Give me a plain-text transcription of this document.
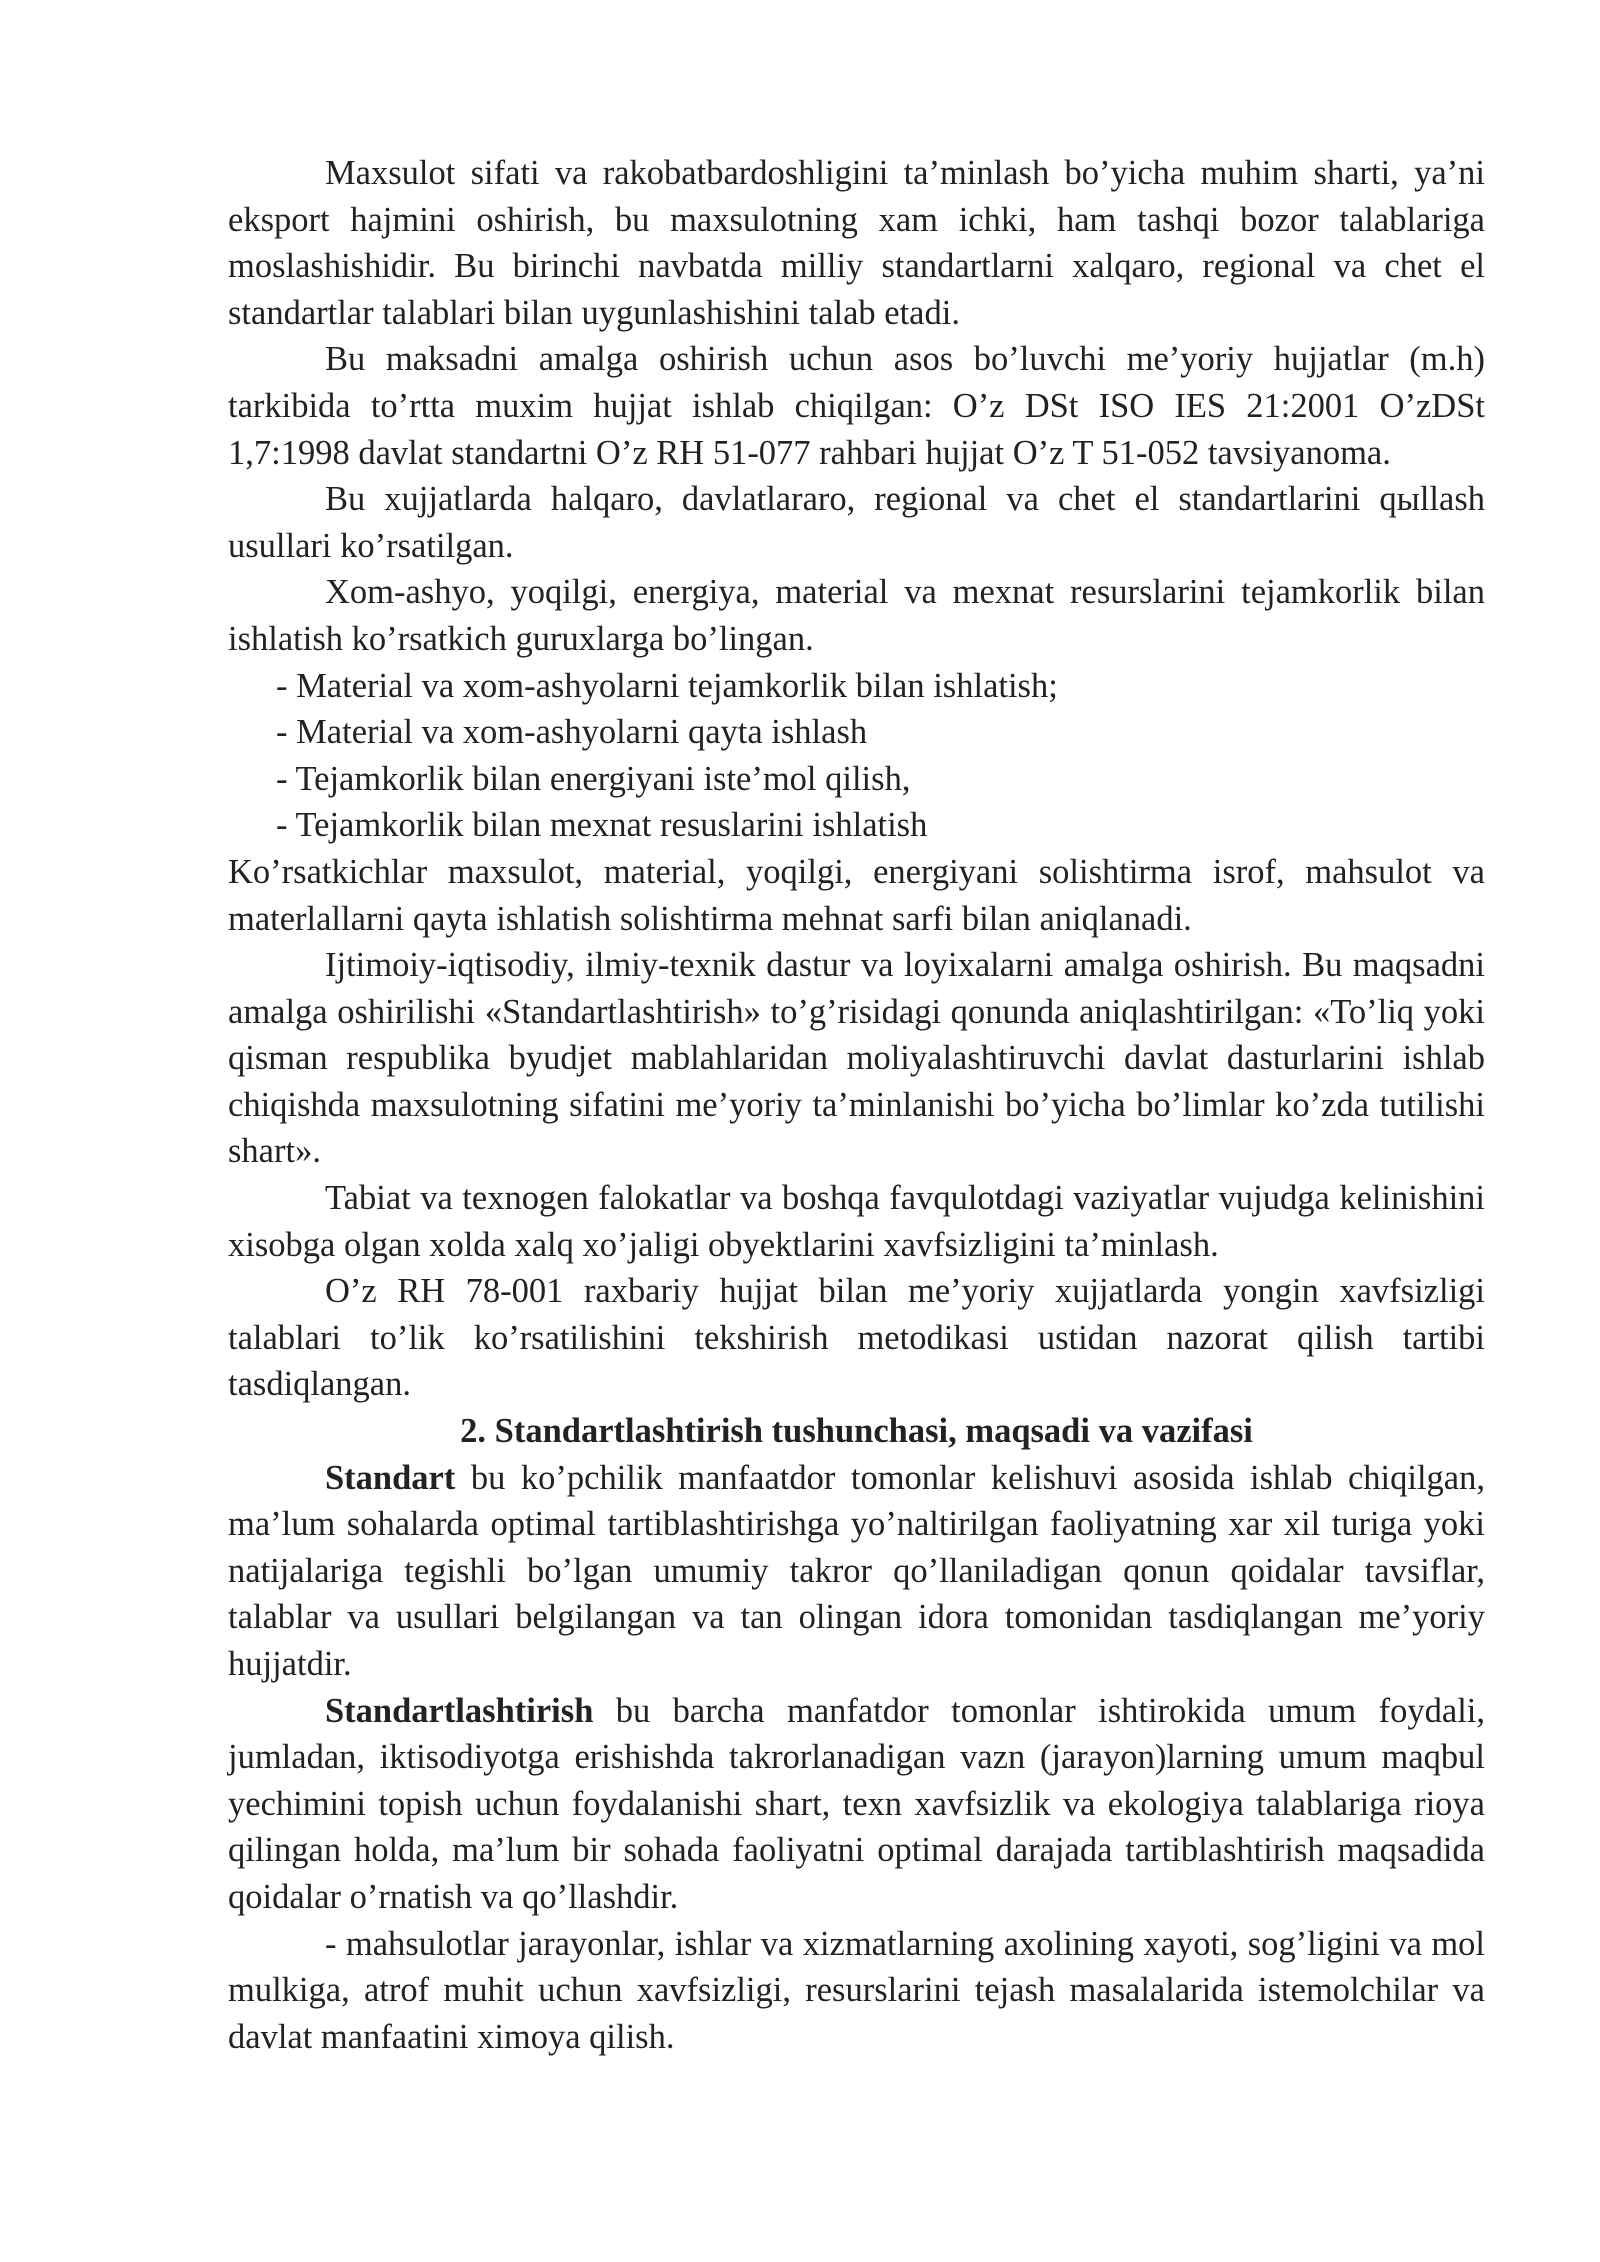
Maxsulot sifati va rakobatbardoshligini ta’minlash bo’yicha muhim sharti, ya’ni eksport hajmini oshirish, bu maxsulotning xam ichki, ham tashqi bozor talablariga moslashishidir. Bu birinchi navbatda milliy standartlarni xalqaro, regional va chet el standartlar talablari bilan uygunlashishini talab etadi.

Bu maksadni amalga oshirish uchun asos bo’luvchi me’yoriy hujjatlar (m.h) tarkibida to’rtta muxim hujjat ishlab chiqilgan: O’z DSt ISO IES 21:2001 O’zDSt 1,7:1998 davlat standartni O’z RH 51-077 rahbari hujjat O’z T 51-052 tavsiyanoma.

Bu xujjatlarda halqaro, davlatlararo, regional va chet el standartlarini qыllash usullari ko’rsatilgan.

Xom-ashyo, yoqilgi, energiya, material va mexnat resurslarini tejamkorlik bilan ishlatish ko’rsatkich guruxlarga bo’lingan.

- Material va xom-ashyolarni tejamkorlik bilan ishlatish;

- Material va xom-ashyolarni qayta ishlash

- Tejamkorlik bilan energiyani iste’mol qilish,

- Tejamkorlik bilan mexnat resuslarini ishlatish

Ko’rsatkichlar maxsulot, material, yoqilgi, energiyani solishtirma isrof, mahsulot va materlallarni qayta ishlatish solishtirma mehnat sarfi bilan aniqlanadi.

Ijtimoiy-iqtisodiy, ilmiy-texnik dastur va loyixalarni amalga oshirish. Bu maqsadni amalga oshirilishi «Standartlashtirish» to’g’risidagi qonunda aniqlashtirilgan: «To’liq yoki qisman respublika byudjet mablahlaridan moliyalashtiruvchi davlat dasturlarini ishlab chiqishda maxsulotning sifatini me’yoriy ta’minlanishi bo’yicha bo’limlar ko’zda tutilishi shart».

Tabiat va texnogen falokatlar va boshqa favqulotdagi vaziyatlar vujudga kelinishini xisobga olgan xolda xalq xo’jaligi obyektlarini xavfsizligini ta’minlash.

O’z RH 78-001 raxbariy hujjat bilan me’yoriy xujjatlarda yongin xavfsizligi talablari to’lik ko’rsatilishini tekshirish metodikasi ustidan nazorat qilish tartibi tasdiqlangan.

2. Standartlashtirish tushunchasi, maqsadi va vazifasi

Standart bu ko’pchilik manfaatdor tomonlar kelishuvi asosida ishlab chiqilgan, ma’lum sohalarda optimal tartiblashtirishga yo’naltirilgan faoliyatning xar xil turiga yoki natijalariga tegishli bo’lgan umumiy takror qo’llaniladigan qonun qoidalar tavsiflar, talablar va usullari belgilangan va tan olingan idora tomonidan tasdiqlangan me’yoriy hujjatdir.

Standartlashtirish bu barcha manfatdor tomonlar ishtirokida umum foydali, jumladan, iktisodiyotga erishishda takrorlanadigan vazn (jarayon)larning umum maqbul yechimini topish uchun foydalanishi shart, texn xavfsizlik va ekologiya talablariga rioya qilingan holda, ma’lum bir sohada faoliyatni optimal darajada tartiblashtirish maqsadida qoidalar o’rnatish va qo’llashdir.

- mahsulotlar jarayonlar, ishlar va xizmatlarning axolining xayoti, sog’ligini va mol mulkiga, atrof muhit uchun xavfsizligi, resurslarini tejash masalalarida istemolchilar va davlat manfaatini ximoya qilish.
